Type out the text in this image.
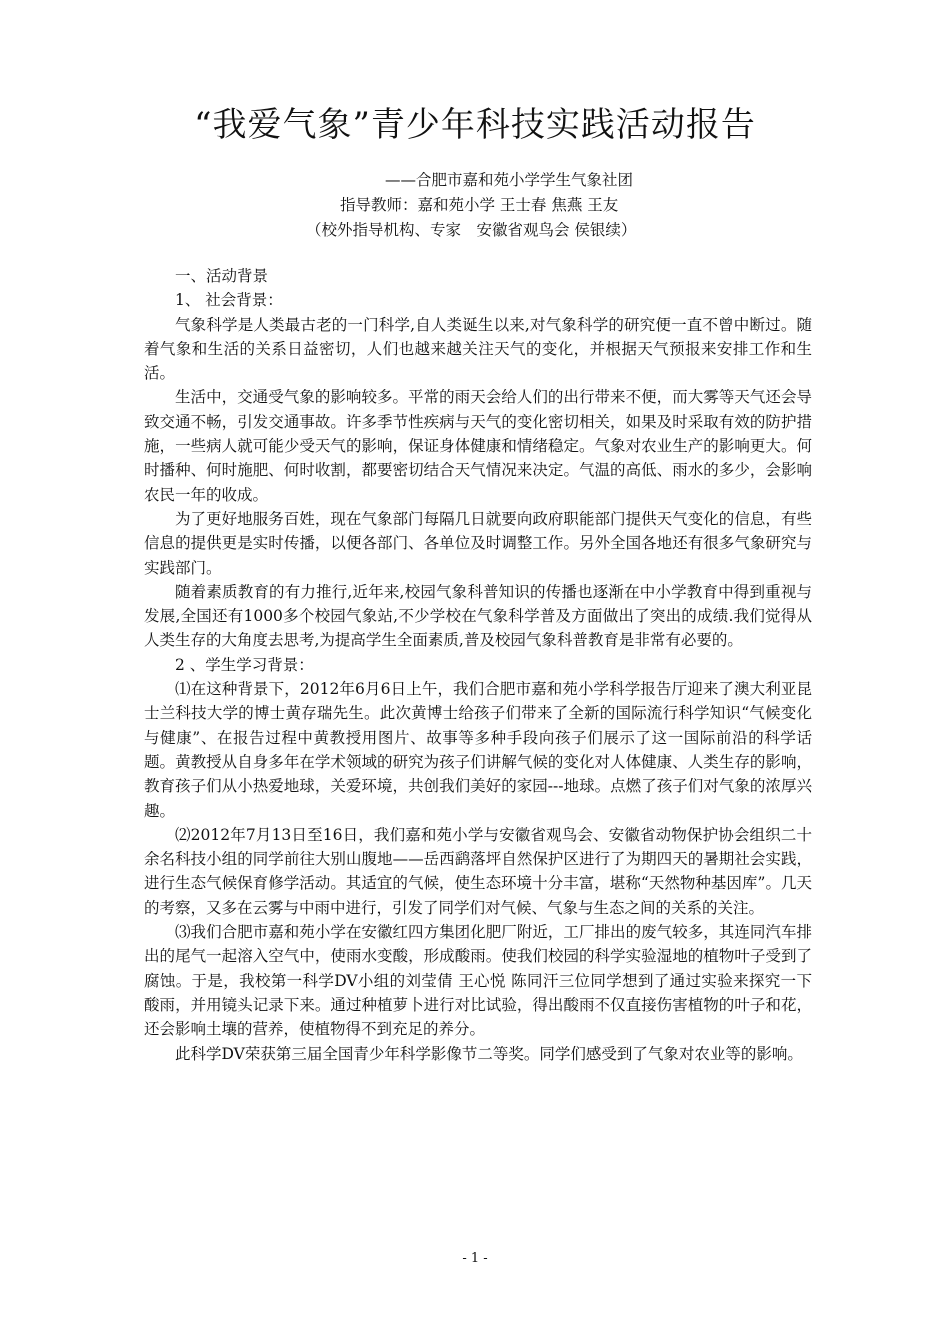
“我爱气象”青少年科技实践活动报告
——合肥市嘉和苑小学学生气象社团
指导教师：嘉和苑小学 王士春 焦燕 王友
（校外指导机构、专家　安徽省观鸟会 侯银续）

一、活动背景

1、 社会背景：

气象科学是人类最古老的一门科学,自人类诞生以来,对气象科学的研究便一直不曾中断过。随着气象和生活的关系日益密切，人们也越来越关注天气的变化，并根据天气预报来安排工作和生活。

生活中，交通受气象的影响较多。平常的雨天会给人们的出行带来不便，而大雾等天气还会导致交通不畅，引发交通事故。许多季节性疾病与天气的变化密切相关，如果及时采取有效的防护措施，一些病人就可能少受天气的影响，保证身体健康和情绪稳定。气象对农业生产的影响更大。何时播种、何时施肥、何时收割，都要密切结合天气情况来决定。气温的高低、雨水的多少，会影响农民一年的收成。

为了更好地服务百姓，现在气象部门每隔几日就要向政府职能部门提供天气变化的信息，有些信息的提供更是实时传播，以便各部门、各单位及时调整工作。另外全国各地还有很多气象研究与实践部门。

随着素质教育的有力推行,近年来,校园气象科普知识的传播也逐渐在中小学教育中得到重视与发展,全国还有1000多个校园气象站,不少学校在气象科学普及方面做出了突出的成绩.我们觉得从人类生存的大角度去思考,为提高学生全面素质,普及校园气象科普教育是非常有必要的。

2 、学生学习背景：

⑴在这种背景下，2012年6月6日上午，我们合肥市嘉和苑小学科学报告厅迎来了澳大利亚昆士兰科技大学的博士黄存瑞先生。此次黄博士给孩子们带来了全新的国际流行科学知识“气候变化与健康”、在报告过程中黄教授用图片、故事等多种手段向孩子们展示了这一国际前沿的科学话题。黄教授从自身多年在学术领域的研究为孩子们讲解气候的变化对人体健康、人类生存的影响，教育孩子们从小热爱地球，关爱环境，共创我们美好的家园---地球。点燃了孩子们对气象的浓厚兴趣。

⑵2012年7月13日至16日，我们嘉和苑小学与安徽省观鸟会、安徽省动物保护协会组织二十余名科技小组的同学前往大别山腹地——岳西鹞落坪自然保护区进行了为期四天的暑期社会实践，进行生态气候保育修学活动。其适宜的气候，使生态环境十分丰富，堪称“天然物种基因库”。几天的考察，又多在云雾与中雨中进行，引发了同学们对气候、气象与生态之间的关系的关注。

⑶我们合肥市嘉和苑小学在安徽红四方集团化肥厂附近，工厂排出的废气较多，其连同汽车排出的尾气一起溶入空气中，使雨水变酸，形成酸雨。使我们校园的科学实验湿地的植物叶子受到了腐蚀。于是，我校第一科学DV小组的刘莹倩 王心悦 陈同汗三位同学想到了通过实验来探究一下酸雨，并用镜头记录下来。通过种植萝卜进行对比试验，得出酸雨不仅直接伤害植物的叶子和花，还会影响土壤的营养，使植物得不到充足的养分。

此科学DV荣获第三届全国青少年科学影像节二等奖。同学们感受到了气象对农业等的影响。

- 1 -
